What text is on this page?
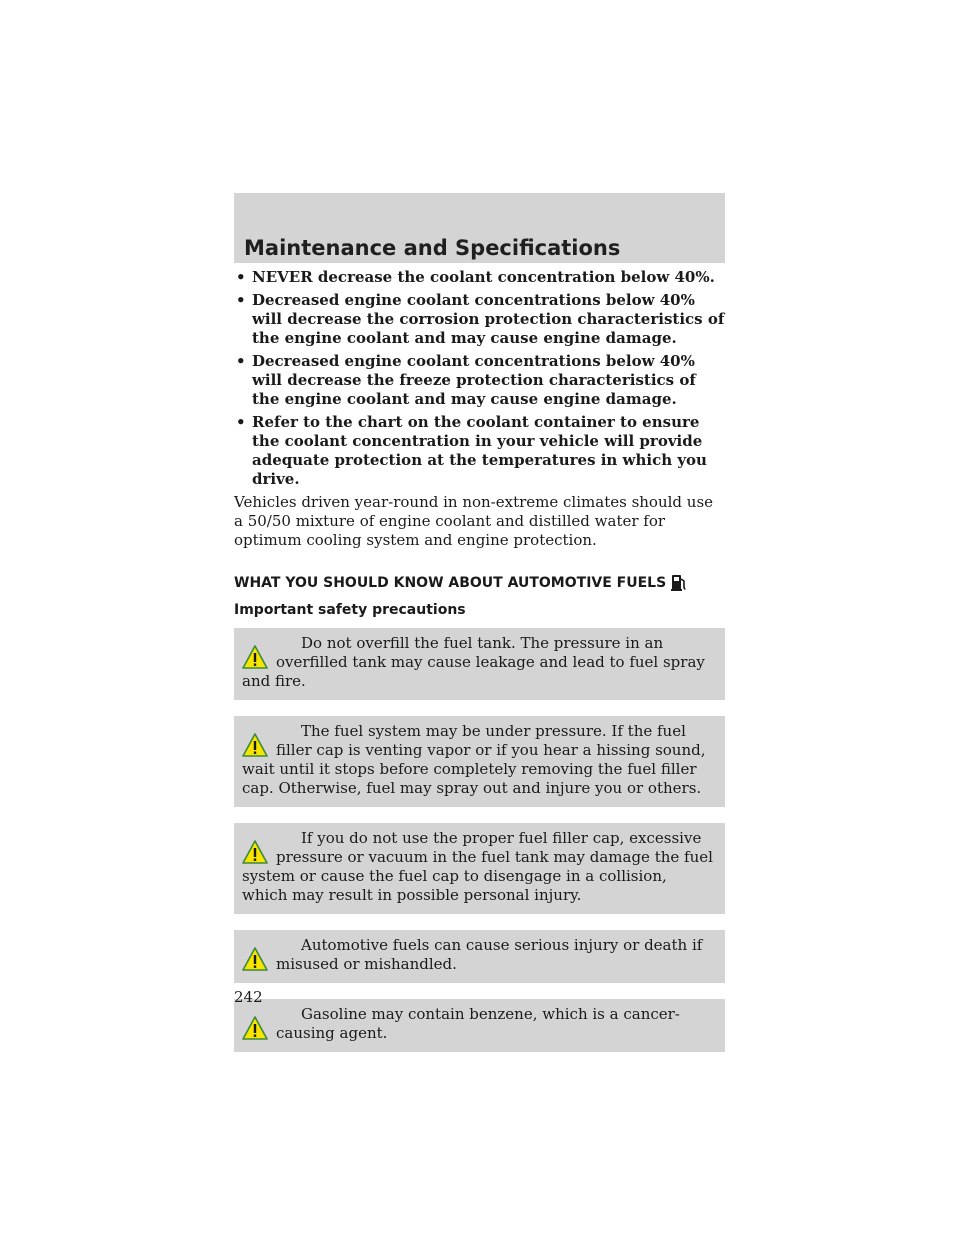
Maintenance and Specifications
• NEVER decrease the coolant concentration below 40%.
• Decreased engine coolant concentrations below 40% will decrease the corrosion protection characteristics of the engine coolant and may cause engine damage.
• Decreased engine coolant concentrations below 40% will decrease the freeze protection characteristics of the engine coolant and may cause engine damage.
• Refer to the chart on the coolant container to ensure the coolant concentration in your vehicle will provide adequate protection at the temperatures in which you drive.

Vehicles driven year-round in non-extreme climates should use a 50/50 mixture of engine coolant and distilled water for optimum cooling system and engine protection.

WHAT YOU SHOULD KNOW ABOUT AUTOMOTIVE FUELS
Important safety precautions

Do not overfill the fuel tank. The pressure in an overfilled tank may cause leakage and lead to fuel spray and fire.

The fuel system may be under pressure. If the fuel filler cap is venting vapor or if you hear a hissing sound, wait until it stops before completely removing the fuel filler cap. Otherwise, fuel may spray out and injure you or others.

If you do not use the proper fuel filler cap, excessive pressure or vacuum in the fuel tank may damage the fuel system or cause the fuel cap to disengage in a collision, which may result in possible personal injury.

Automotive fuels can cause serious injury or death if misused or mishandled.

Gasoline may contain benzene, which is a cancer-causing agent.

242
